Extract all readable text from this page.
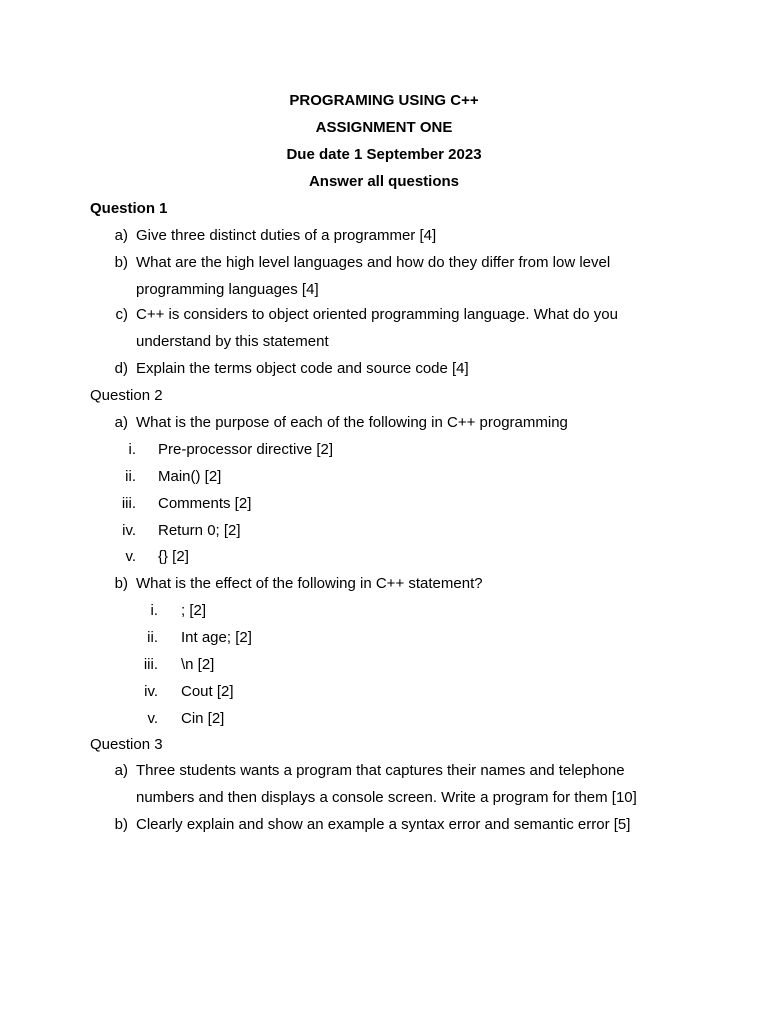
PROGRAMING USING C++
ASSIGNMENT ONE
Due date 1 September 2023
Answer all questions
Question 1
a) Give three distinct duties of a programmer [4]
b) What are the high level languages and how do they differ from low level
programming languages [4]
c) C++ is considers to object oriented programming language. What do you
understand by this statement
d) Explain the terms object code and source code [4]
Question 2
a) What is the purpose of each of the following in C++ programming
i. Pre-processor directive [2]
ii. Main() [2]
iii. Comments [2]
iv. Return 0; [2]
v. {} [2]
b) What is the effect of the following in C++ statement?
i. ; [2]
ii. Int age; [2]
iii. \n [2]
iv. Cout [2]
v. Cin [2]
Question 3
a) Three students wants a program that captures their names and telephone
numbers and then displays a console screen. Write a program for them [10]
b) Clearly explain and show an example a syntax error and semantic error [5]
